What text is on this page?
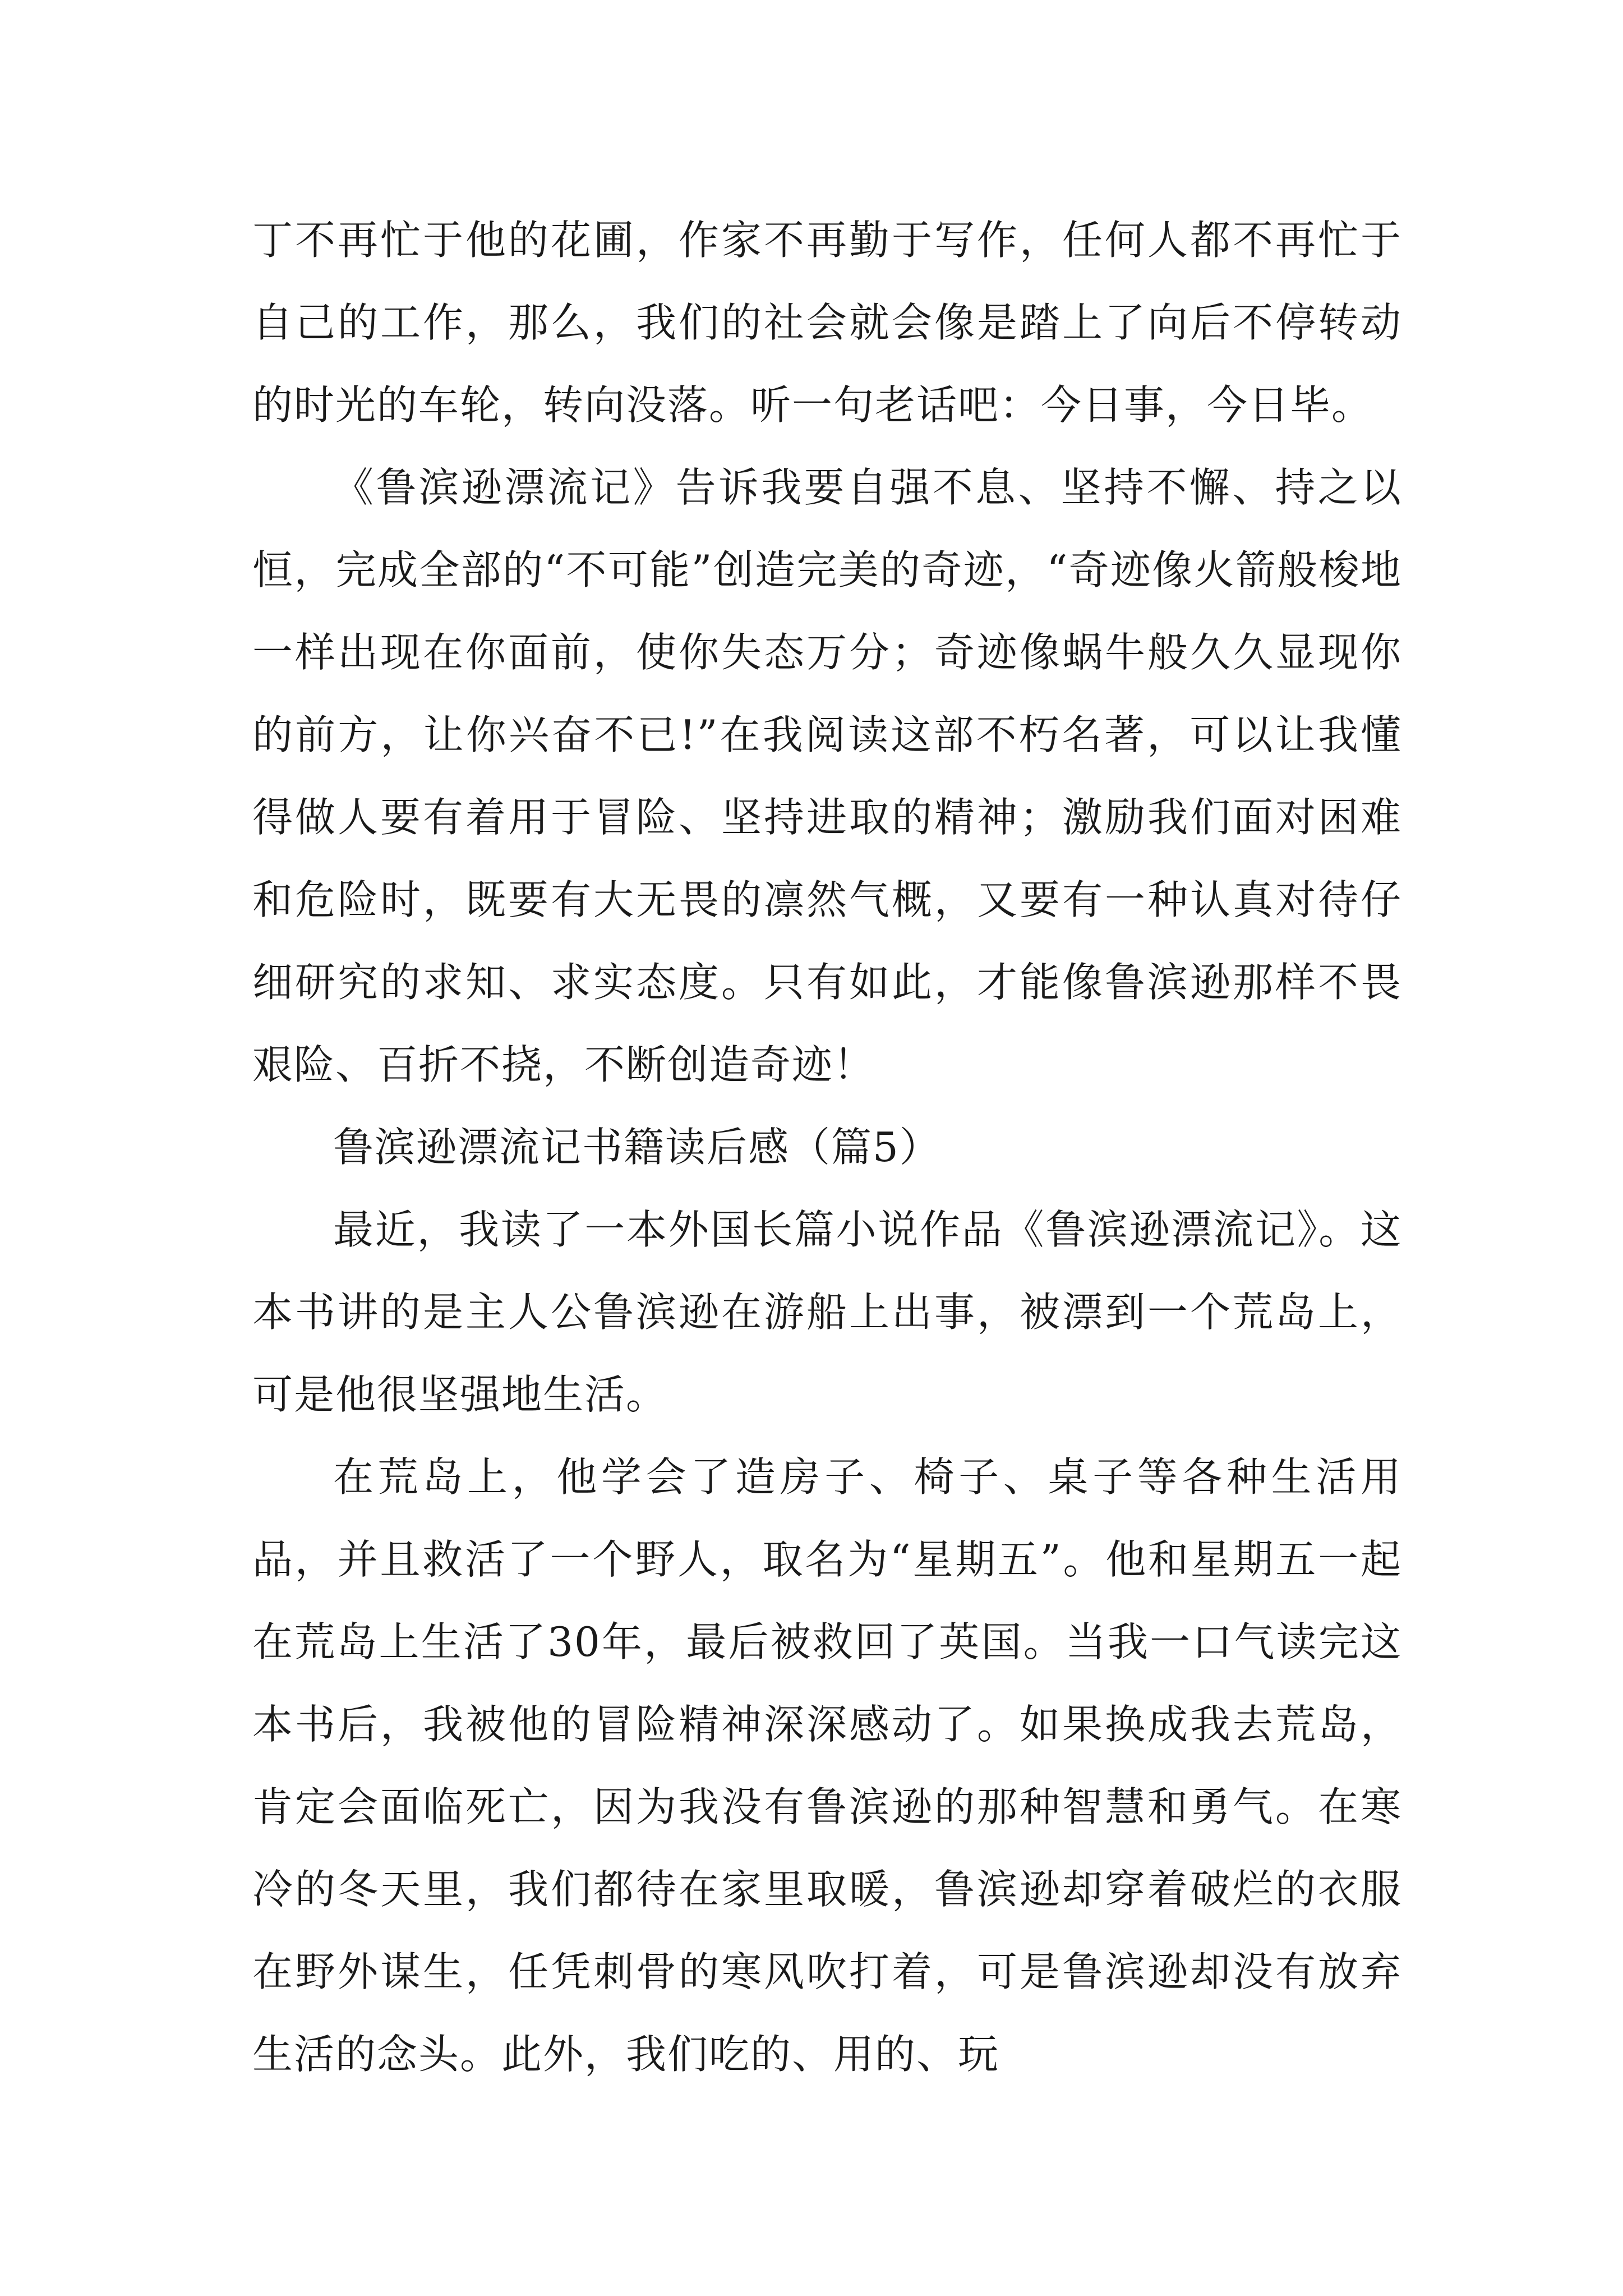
丁不再忙于他的花圃，作家不再勤于写作，任何人都不再忙于自己的工作，那么，我们的社会就会像是踏上了向后不停转动的时光的车轮，转向没落。听一句老话吧：今日事，今日毕。

《鲁滨逊漂流记》告诉我要自强不息、坚持不懈、持之以恒，完成全部的“不可能”创造完美的奇迹，“奇迹像火箭般梭地一样出现在你面前，使你失态万分；奇迹像蜗牛般久久显现你的前方，让你兴奋不已!”在我阅读这部不朽名著，可以让我懂得做人要有着用于冒险、坚持进取的精神；激励我们面对困难和危险时，既要有大无畏的凛然气概，又要有一种认真对待仔细研究的求知、求实态度。只有如此，才能像鲁滨逊那样不畏艰险、百折不挠，不断创造奇迹！

鲁滨逊漂流记书籍读后感（篇5）

最近，我读了一本外国长篇小说作品《鲁滨逊漂流记》。这本书讲的是主人公鲁滨逊在游船上出事，被漂到一个荒岛上，可是他很坚强地生活。

在荒岛上，他学会了造房子、椅子、桌子等各种生活用品，并且救活了一个野人，取名为“星期五”。他和星期五一起在荒岛上生活了30年，最后被救回了英国。当我一口气读完这本书后，我被他的冒险精神深深感动了。如果换成我去荒岛，肯定会面临死亡，因为我没有鲁滨逊的那种智慧和勇气。在寒冷的冬天里，我们都待在家里取暖，鲁滨逊却穿着破烂的衣服在野外谋生，任凭刺骨的寒风吹打着，可是鲁滨逊却没有放弃生活的念头。此外，我们吃的、用的、玩
